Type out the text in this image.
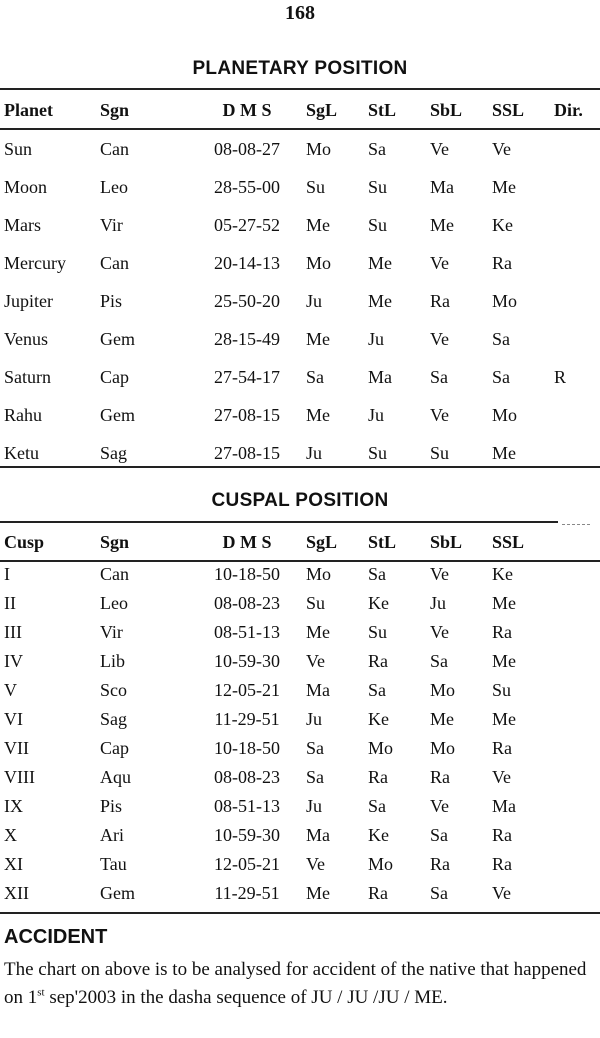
168
PLANETARY POSITION
Planet	Sgn	D M S	SgL	StL	SbL	SSL	Dir.
Sun	Can	08-08-27	Mo	Sa	Ve	Ve	
Moon	Leo	28-55-00	Su	Su	Ma	Me	
Mars	Vir	05-27-52	Me	Su	Me	Ke	
Mercury	Can	20-14-13	Mo	Me	Ve	Ra	
Jupiter	Pis	25-50-20	Ju	Me	Ra	Mo	
Venus	Gem	28-15-49	Me	Ju	Ve	Sa	
Saturn	Cap	27-54-17	Sa	Ma	Sa	Sa	R
Rahu	Gem	27-08-15	Me	Ju	Ve	Mo	
Ketu	Sag	27-08-15	Ju	Su	Su	Me	
CUSPAL POSITION
Cusp	Sgn	D M S	SgL	StL	SbL	SSL	
I	Can	10-18-50	Mo	Sa	Ve	Ke	
II	Leo	08-08-23	Su	Ke	Ju	Me	
III	Vir	08-51-13	Me	Su	Ve	Ra	
IV	Lib	10-59-30	Ve	Ra	Sa	Me	
V	Sco	12-05-21	Ma	Sa	Mo	Su	
VI	Sag	11-29-51	Ju	Ke	Me	Me	
VII	Cap	10-18-50	Sa	Mo	Mo	Ra	
VIII	Aqu	08-08-23	Sa	Ra	Ra	Ve	
IX	Pis	08-51-13	Ju	Sa	Ve	Ma	
X	Ari	10-59-30	Ma	Ke	Sa	Ra	
XI	Tau	12-05-21	Ve	Mo	Ra	Ra	
XII	Gem	11-29-51	Me	Ra	Sa	Ve	
ACCIDENT
The chart on above is to be analysed for accident of the native that happened on 1st sep'2003 in the dasha sequence of JU / JU /JU / ME.
